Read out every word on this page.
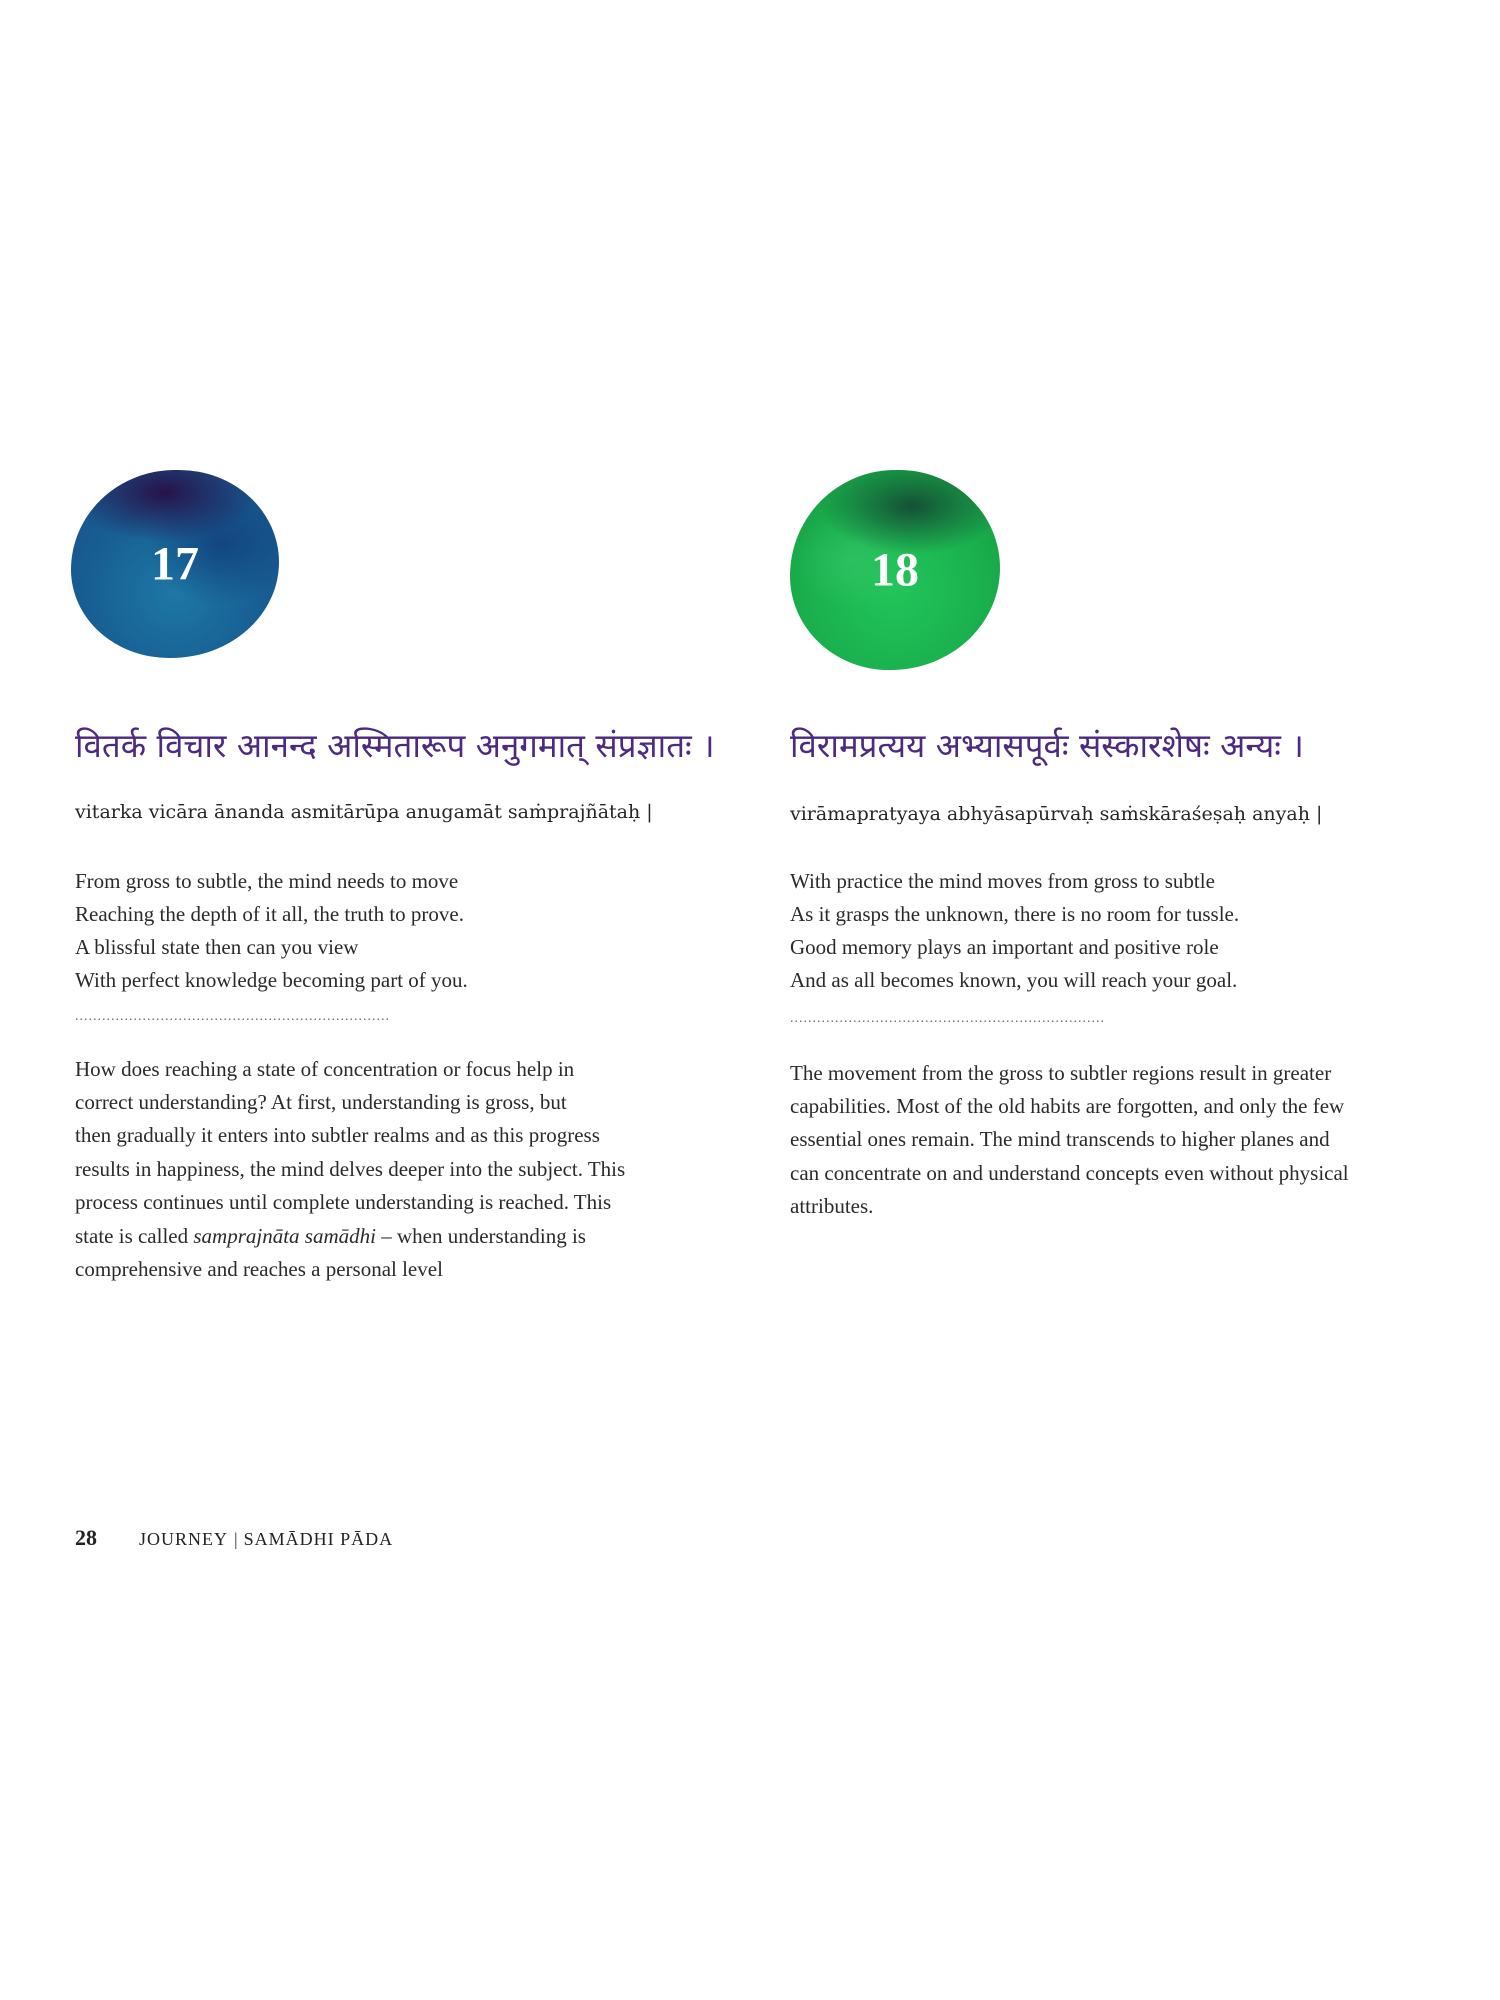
17

वितर्क विचार आनन्द अस्मितारूप अनुगमात् संप्रज्ञातः ।

vitarka vicāra ānanda asmitārūpa anugamāt saṁprajñātaḥ |

From gross to subtle, the mind needs to move
Reaching the depth of it all, the truth to prove.
A blissful state then can you view
With perfect knowledge becoming part of you.

......................................................................

How does reaching a state of concentration or focus help in
correct understanding? At first, understanding is gross, but
then gradually it enters into subtler realms and as this progress
results in happiness, the mind delves deeper into the subject. This
process continues until complete understanding is reached. This
state is called samprajnāta samādhi – when understanding is
comprehensive and reaches a personal level

18

विरामप्रत्यय अभ्यासपूर्वः संस्कारशेषः अन्यः ।

virāmapratyaya abhyāsapūrvaḥ saṁskāraśeṣaḥ anyaḥ |

With practice the mind moves from gross to subtle
As it grasps the unknown, there is no room for tussle.
Good memory plays an important and positive role
And as all becomes known, you will reach your goal.

......................................................................

The movement from the gross to subtler regions result in greater
capabilities. Most of the old habits are forgotten, and only the few
essential ones remain. The mind transcends to higher planes and
can concentrate on and understand concepts even without physical
attributes.

28 JOURNEY | SAMĀDHI PĀDA
